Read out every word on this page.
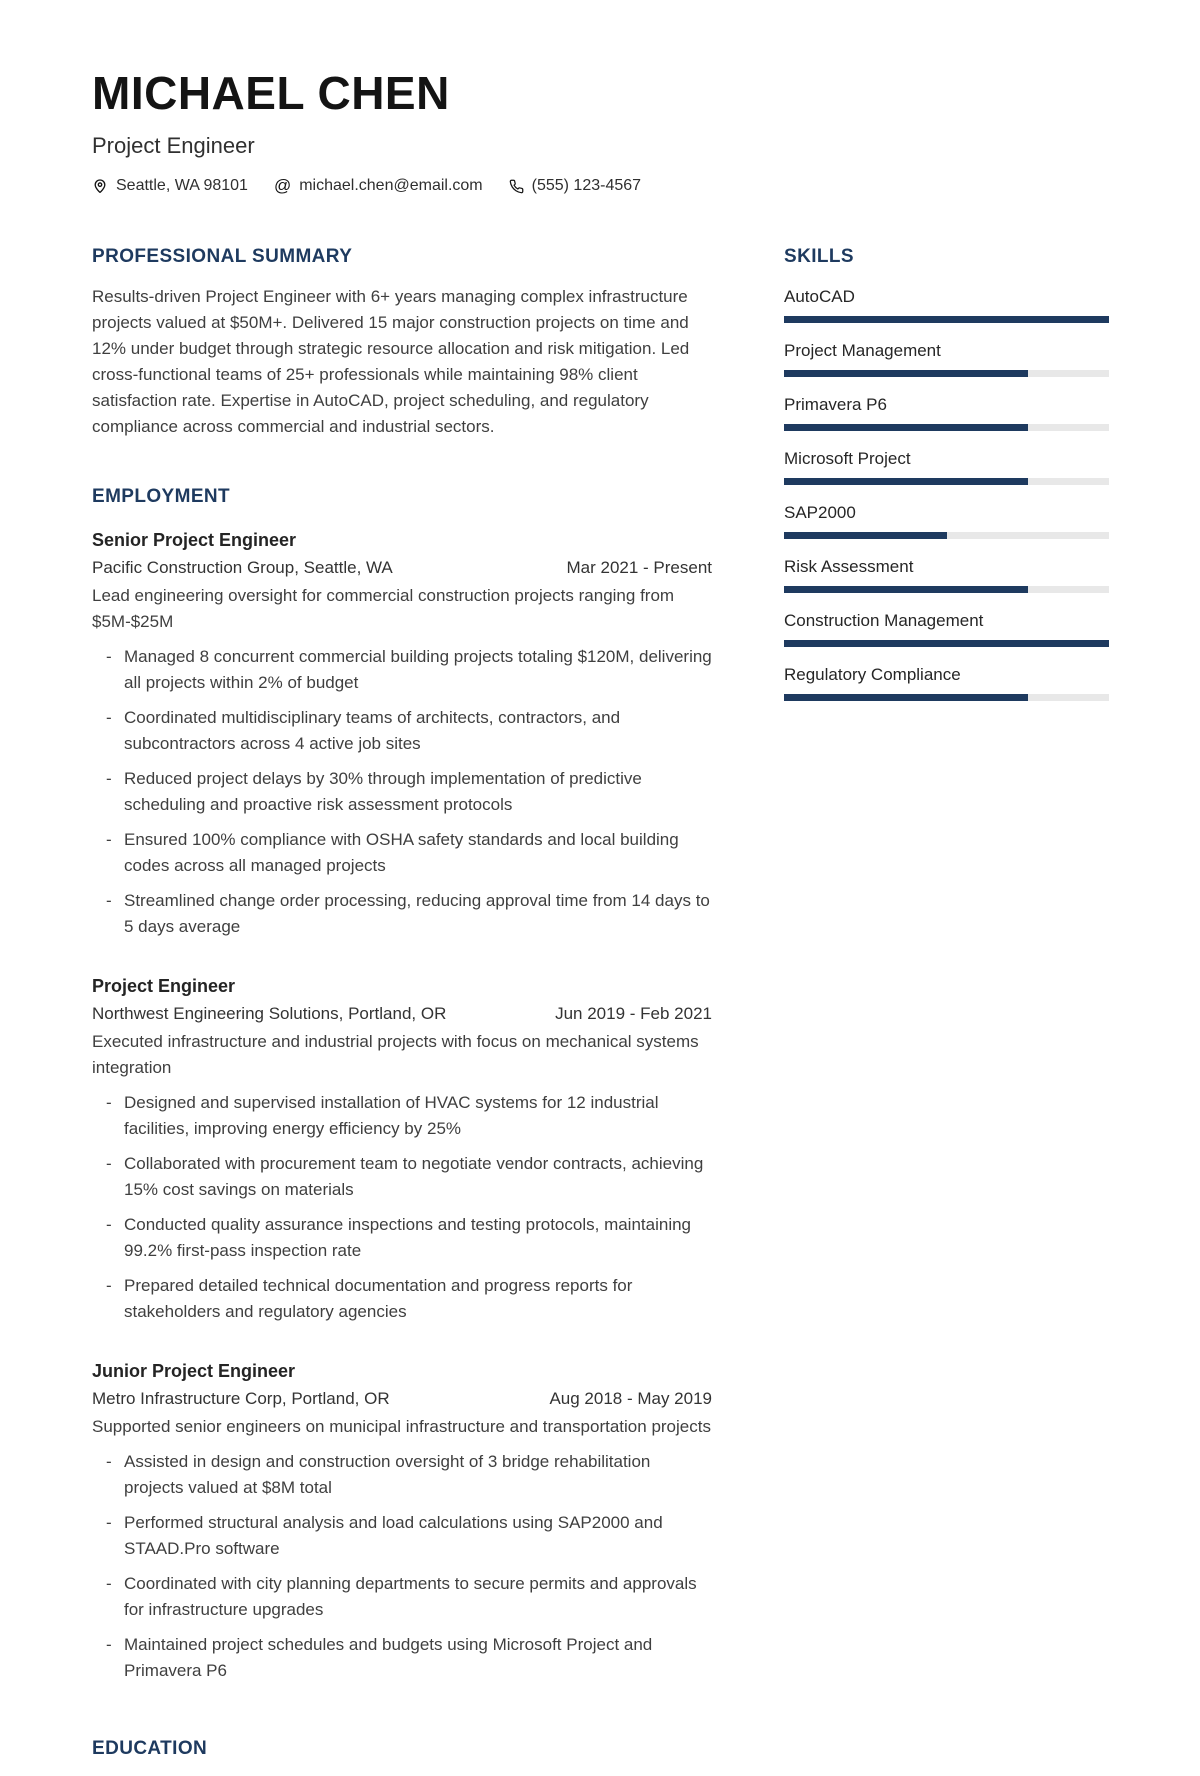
MICHAEL CHEN
Project Engineer
Seattle, WA 98101 @ michael.chen@email.com	(555) 123-4567
PROFESSIONAL SUMMARY
Results-driven Project Engineer with 6+ years managing complex infrastructure projects valued at $50M+. Delivered 15 major construction projects on time and 12% under budget through strategic resource allocation and risk mitigation. Led cross-functional teams of 25+ professionals while maintaining 98% client satisfaction rate. Expertise in AutoCAD, project scheduling, and regulatory compliance across commercial and industrial sectors.
EMPLOYMENT
Senior Project Engineer
Pacific Construction Group, Seattle, WA	Mar 2021 - Present
Lead engineering oversight for commercial construction projects ranging from $5M-$25M
- Managed 8 concurrent commercial building projects totaling $120M, delivering all projects within 2% of budget
- Coordinated multidisciplinary teams of architects, contractors, and subcontractors across 4 active job sites
- Reduced project delays by 30% through implementation of predictive scheduling and proactive risk assessment protocols
- Ensured 100% compliance with OSHA safety standards and local building codes across all managed projects
- Streamlined change order processing, reducing approval time from 14 days to 5 days average
Project Engineer
Northwest Engineering Solutions, Portland, OR	Jun 2019 - Feb 2021
Executed infrastructure and industrial projects with focus on mechanical systems integration
- Designed and supervised installation of HVAC systems for 12 industrial facilities, improving energy efficiency by 25%
- Collaborated with procurement team to negotiate vendor contracts, achieving 15% cost savings on materials
- Conducted quality assurance inspections and testing protocols, maintaining 99.2% first-pass inspection rate
- Prepared detailed technical documentation and progress reports for stakeholders and regulatory agencies
Junior Project Engineer
Metro Infrastructure Corp, Portland, OR	Aug 2018 - May 2019
Supported senior engineers on municipal infrastructure and transportation projects
- Assisted in design and construction oversight of 3 bridge rehabilitation projects valued at $8M total
- Performed structural analysis and load calculations using SAP2000 and STAAD.Pro software
- Coordinated with city planning departments to secure permits and approvals for infrastructure upgrades
- Maintained project schedules and budgets using Microsoft Project and Primavera P6
EDUCATION
SKILLS
AutoCAD
Project Management
Primavera P6
Microsoft Project
SAP2000
Risk Assessment
Construction Management
Regulatory Compliance
